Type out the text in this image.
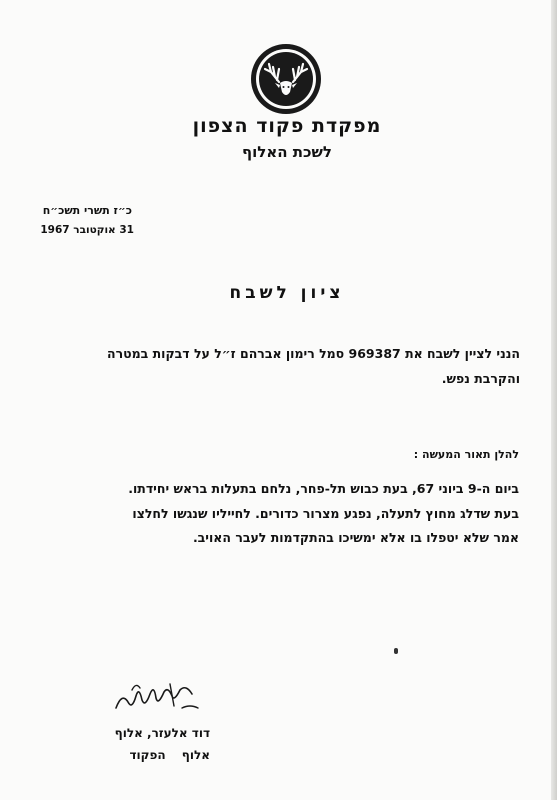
מפקדת פקוד הצפון
לשכת האלוף
כ״ז תשרי תשכ״ח
31 אוקטובר 1967
ציון לשבח
הנני לציין לשבח את 969387 סמל רימון אברהם ז״ל על דבקות במטרה
והקרבת נפש.
להלן תאור המעשה :
ביום ה-9 ביוני 67, בעת כבוש תל-פחר, נלחם בתעלות בראש יחידתו.
בעת שדלג מחוץ לתעלה, נפגע מצרור כדורים. לחייליו שנגשו לחלצו
אמר שלא יטפלו בו אלא ימשיכו בהתקדמות לעבר האויב.
דוד אלעזר, אלוף
אלוף הפקוד
